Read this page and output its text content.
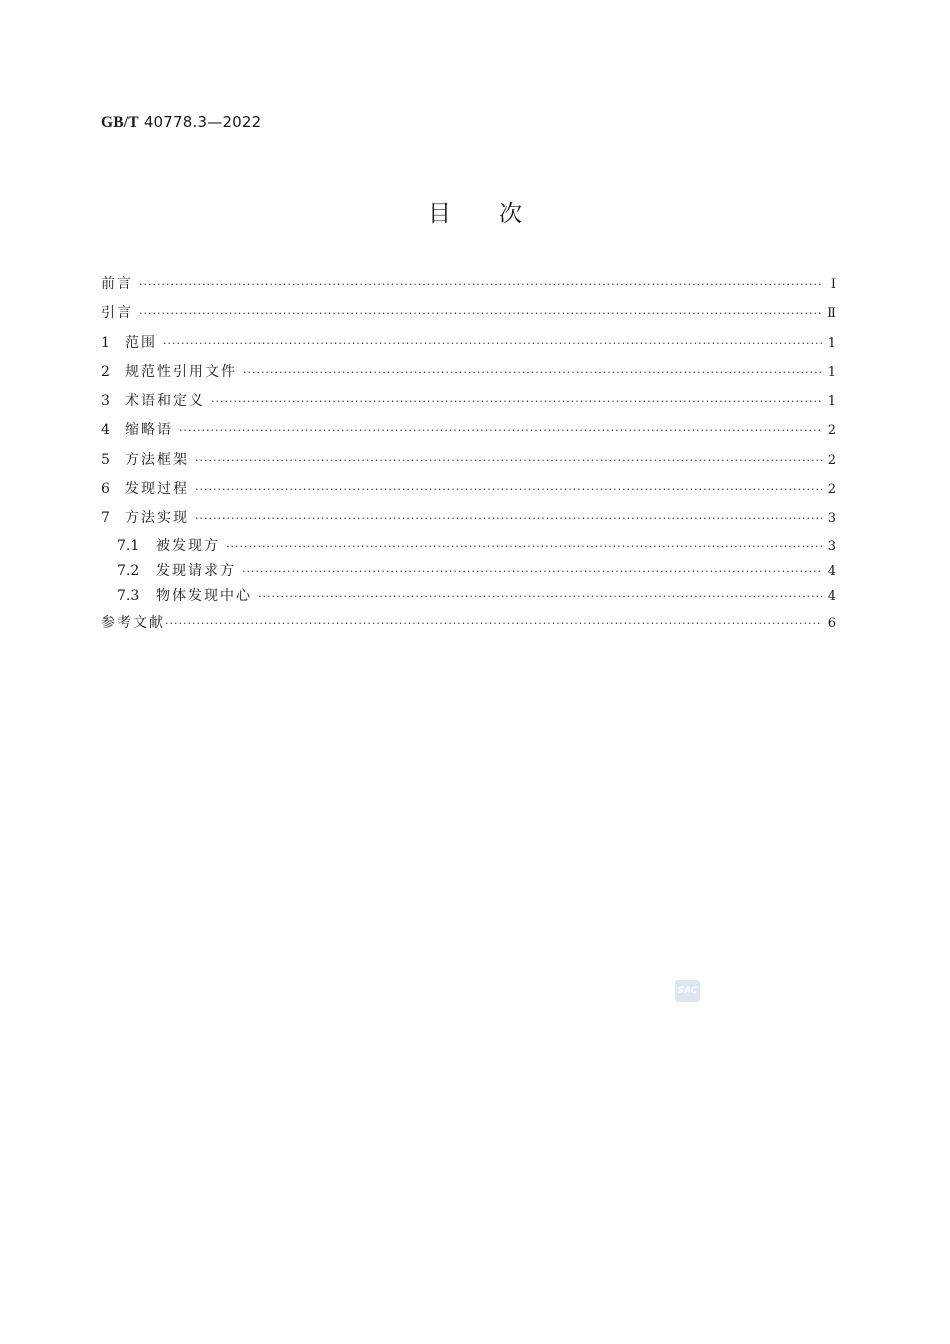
GB/T 40778.3—2022
目 次
前言 ·····	Ⅰ
引言 ·····	Ⅱ
1	范围 ·····	1
2	规范性引用文件 ·····	1
3	术语和定义 ·····	1
4	缩略语 ·····	2
5	方法框架 ·····	2
6	发现过程 ·····	2
7	方法实现 ·····	3
7.1	被发现方 ·····	3
7.2	发现请求方 ·····	4
7.3	物体发现中心 ·····	4
参考文献 ·····	6
SAC
